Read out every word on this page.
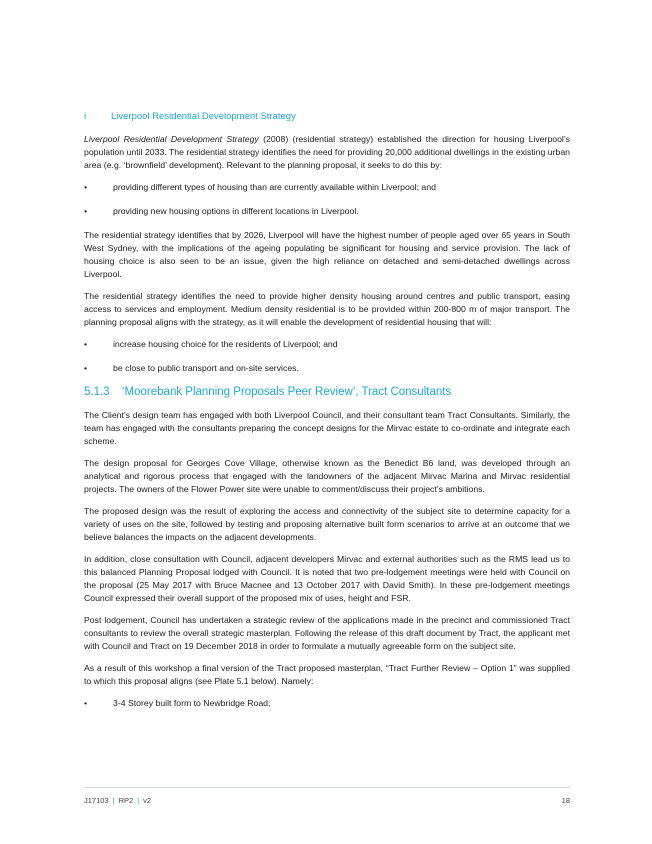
i	Liverpool Residential Development Strategy

Liverpool Residential Development Strategy (2008) (residential strategy) established the direction for housing Liverpool’s population until 2033. The residential strategy identifies the need for providing 20,000 additional dwellings in the existing urban area (e.g. ‘brownfield’ development). Relevant to the planning proposal, it seeks to do this by:

•	providing different types of housing than are currently available within Liverpool; and
•	providing new housing options in different locations in Liverpool.

The residential strategy identifies that by 2026, Liverpool will have the highest number of people aged over 65 years in South West Sydney, with the implications of the ageing populating be significant for housing and service provision. The lack of housing choice is also seen to be an issue, given the high reliance on detached and semi-detached dwellings across Liverpool.

The residential strategy identifies the need to provide higher density housing around centres and public transport, easing access to services and employment. Medium density residential is to be provided within 200-800 m of major transport. The planning proposal aligns with the strategy, as it will enable the development of residential housing that will:

•	increase housing choice for the residents of Liverpool; and
•	be close to public transport and on-site services.
5.1.3	‘Moorebank Planning Proposals Peer Review’, Tract Consultants

The Client’s design team has engaged with both Liverpool Council, and their consultant team Tract Consultants. Similarly, the team has engaged with the consultants preparing the concept designs for the Mirvac estate to co-ordinate and integrate each scheme.

The design proposal for Georges Cove Village, otherwise known as the Benedict B6 land, was developed through an analytical and rigorous process that engaged with the landowners of the adjacent Mirvac Marina and Mirvac residential projects. The owners of the Flower Power site were unable to comment/discuss their project’s ambitions.

The proposed design was the result of exploring the access and connectivity of the subject site to determine capacity for a variety of uses on the site, followed by testing and proposing alternative built form scenarios to arrive at an outcome that we believe balances the impacts on the adjacent developments.

In addition, close consultation with Council, adjacent developers Mirvac and external authorities such as the RMS lead us to this balanced Planning Proposal lodged with Council. It is noted that two pre-lodgement meetings were held with Council on the proposal (25 May 2017 with Bruce Macnee and 13 October 2017 with David Smith). In these pre-lodgement meetings Council expressed their overall support of the proposed mix of uses, height and FSR.

Post lodgement, Council has undertaken a strategic review of the applications made in the precinct and commissioned Tract consultants to review the overall strategic masterplan. Following the release of this draft document by Tract, the applicant met with Council and Tract on 19 December 2018 in order to formulate a mutually agreeable form on the subject site.

As a result of this workshop a final version of the Tract proposed masterplan, “Tract Further Review – Option 1” was supplied to which this proposal aligns (see Plate 5.1 below). Namely:

•	3-4 Storey built form to Newbridge Road;
J17103 | RP2 | v2	18
